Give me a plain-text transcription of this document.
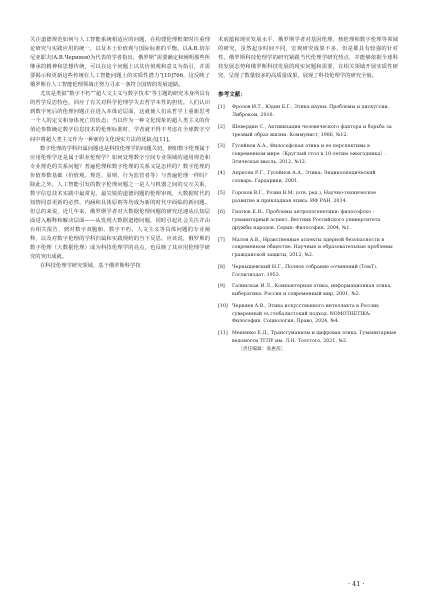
关注道德规范如何与人工智能系统相适应的问题，在构建伦理框架时注重理论研究与实践应用的统一，以及本土价值观与国际标准的平衡。以A.B.切尔尼亚耶夫(A.B.Черняев)为代表的学者指出，俄罗斯“需要确定和阐明那些所继承的精神和思想传统，可以在这个问题上以其价值观和意义为指引，并需要揭示和更新这些传统在人工智能问题上的实质性潜力”[10]766，这反映了俄罗斯在人工智能伦理领域正努力寻求一条符合国情的发展道路。

尤其是类似“数字不朽”“超人文主义与数字技术”等主题的研究本身所具有的哲学反思特色，回应了有关对科学伦理学失去哲学本性的担忧。人们认识到数字死后的伦理问题正在进入本体论层面，这就使人们从哲学上重新思考一个人的定义和身体死亡的状态；当以作为一种文化现象的超人类主义的价值论参数确定数字信息技术的伦理标准时，学者就不得不考虑在全球数字空间中将超人类主义作为一种新的文化现实方法的优缺点[11]。

数字伦理的学科归属问题也是科技伦理学的问题关切，例如数字伦理属于应用伦理学还是属于职业伦理学？如何处理数字空间专业领域的通用规范和专业规范的关系问题？普遍伦理和数字伦理的关系又是怎样的？数字伦理的价值参数基础（价值观、规范、原则、行为监管者等）与普遍伦理一样吗？除此之外，人工智能引发的数字伦理问题之一是人与机器之间的交互关系，数字信息技术实践中最常见、最尖锐的道德问题的伦理审视，大数据时代的知情同意更新的必然、内涵和具体原则等均成为新的时代中面临的新问题。但总的来说，近几年来，俄罗斯学者对大数据伦理问题的研究迅速从认知层面进入解释和解决层面——从发现大数据道德问题，同时引起社会关注并由台相关报告，到对数字双胞胎、数字不朽、人文主义等具体问题的专业阐释，以及对数字伦理的学科归属和实践规约的当下反思。应该说，俄罗斯的数字伦理（大数据伦理）成为科技伦理学的亮点，也反映了其应用伦理学研究的突出成就。

在科技伦理学研究领域，基于俄罗斯科学技

术底蕴和现实发展水平，俄罗斯学者对基因伦理、核伦理和数字伦理等领域的研究，虽然起步时间不同，宏观研究成果不多，但是都具有较强的针对性。俄罗斯科技伦理学的研究紧跟当代伦理学研究热点，并能够依据全球科技发展态势和俄罗斯科技发展的现实问题和需要，在相关领域开展实质性研究，呈现了数量较多的高质量成果，展现了科技伦理学的研究全貌。

参考文献：
[1]	Фролов И.Т., Юдин Б.Г., Этика науки: Проблемы и дискуссии. Либроком, 2016.
[2]	Шевердин С., Активизация человеческого фактора и борьба за трезвый образ жизни. Коммунист, 1986, №12.
[3]	Гусейнов А.А., Философская этика и ее перспективы в современном мире（Круглый стол к 10-летию ежегодника）. Этическая мысль, 2012, №12.
[4]	Апресян Р.Г., Гусейнов А.А., Этика; Энциклопедический словарь. Гардарики, 2001.
[5]	Горохов В.Г., Розин В.М. (отв. ред.), Научно-техническое развитие и прикладная этика. ИФ РАН, 2014.
[6]	Гнатюк Е.Н., Проблемы антропогенетики: философско – гуманитарный аспект. Вестник Российского университета дружбы народов. Серия: Философия, 2004, №1.
[7]	Малов А.В., Нравственные аспекты ядерной безопасности в современном обществе. Научные и образовательные проблемы гражданской защиты, 2012, №2.
[8]	Черныщевский Н.Г., Полное собрание сочинений (ТомТ). Гослитиздат, 1953.
[9]	Галинская И.Л., Компьютерная этика, информационная этика, киберэтика. Россия и современный мир, 2001, №2.
[10] Черняев А.В., Этика искусственного интеллекта в России; суверенный vs глобалистский подход. NOMOTHETIKA: Философия. Социология. Право, 2024, №4.
[11] Мешенко Е.Д., Трансгуманизм и цифровая этика. Гуманитарные ведомости ТГПУ им. Л.Н. Толстого, 2021, №2.［责任编辑：张惠茜］
· 41 ·
